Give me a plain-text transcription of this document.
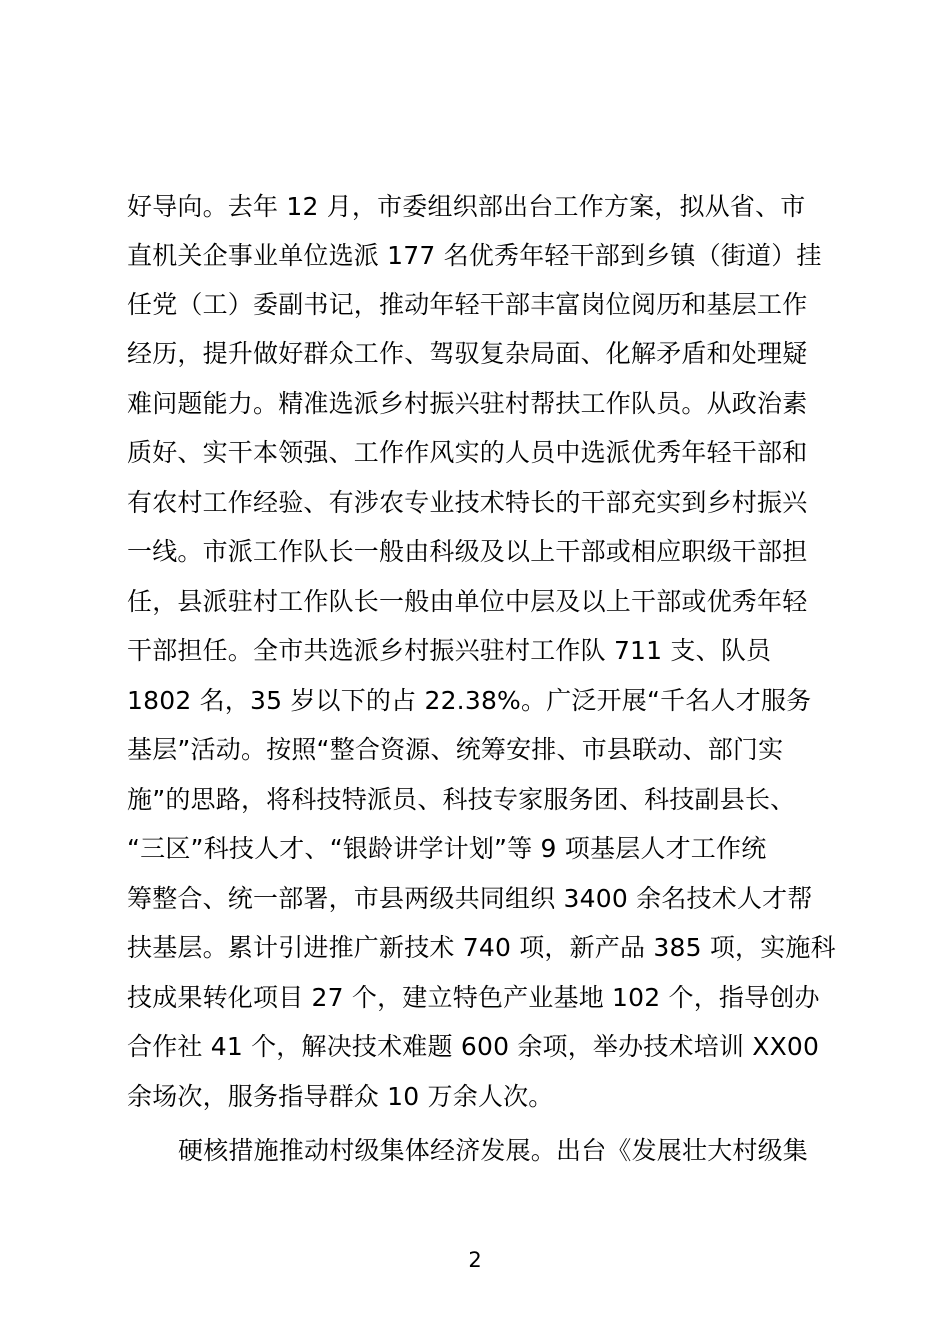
好导向。去年 12 月，市委组织部出台工作方案，拟从省、市
直机关企事业单位选派 177 名优秀年轻干部到乡镇（街道）挂
任党（工）委副书记，推动年轻干部丰富岗位阅历和基层工作
经历，提升做好群众工作、驾驭复杂局面、化解矛盾和处理疑
难问题能力。精准选派乡村振兴驻村帮扶工作队员。从政治素
质好、实干本领强、工作作风实的人员中选派优秀年轻干部和
有农村工作经验、有涉农专业技术特长的干部充实到乡村振兴
一线。市派工作队长一般由科级及以上干部或相应职级干部担
任，县派驻村工作队长一般由单位中层及以上干部或优秀年轻
干部担任。全市共选派乡村振兴驻村工作队 711 支、队员
1802 名，35 岁以下的占 22.38%。广泛开展“千名人才服务
基层”活动。按照“整合资源、统筹安排、市县联动、部门实
施”的思路，将科技特派员、科技专家服务团、科技副县长、
“三区”科技人才、“银龄讲学计划”等 9 项基层人才工作统
筹整合、统一部署，市县两级共同组织 3400 余名技术人才帮
扶基层。累计引进推广新技术 740 项，新产品 385 项，实施科
技成果转化项目 27 个，建立特色产业基地 102 个，指导创办
合作社 41 个，解决技术难题 600 余项，举办技术培训 XX00
余场次，服务指导群众 10 万余人次。
硬核措施推动村级集体经济发展。出台《发展壮大村级集
2
